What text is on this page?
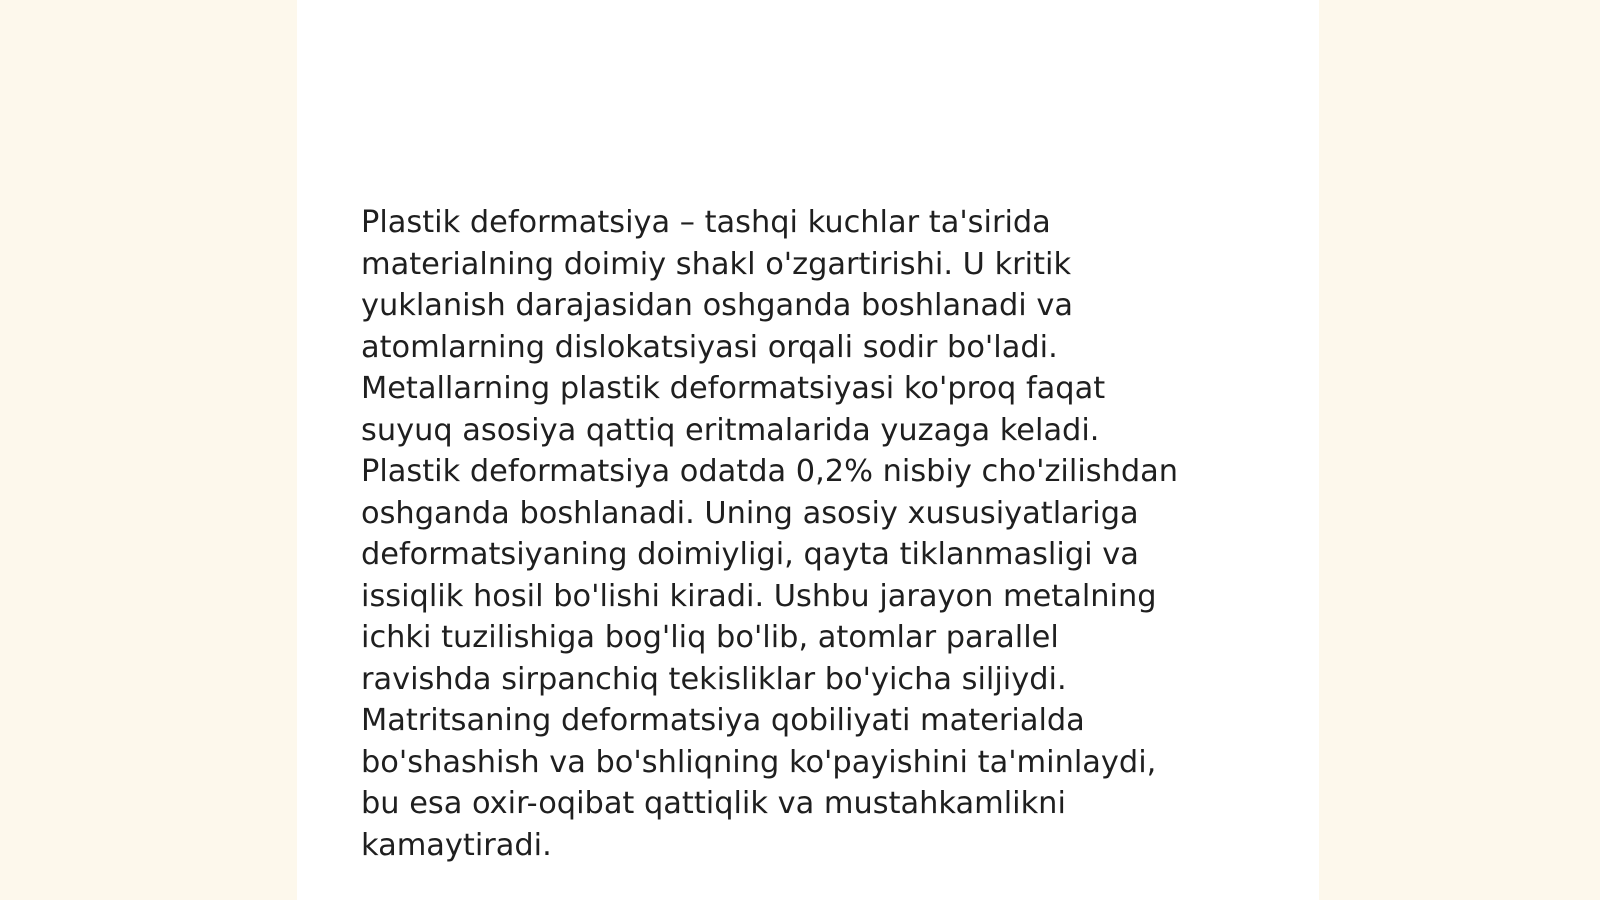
Plastik deformatsiya – tashqi kuchlar ta'sirida
materialning doimiy shakl o'zgartirishi. U kritik
yuklanish darajasidan oshganda boshlanadi va
atomlarning dislokatsiyasi orqali sodir bo'ladi.
Metallarning plastik deformatsiyasi ko'proq faqat
suyuq asosiya qattiq eritmalarida yuzaga keladi.
Plastik deformatsiya odatda 0,2% nisbiy cho'zilishdan
oshganda boshlanadi. Uning asosiy xususiyatlariga
deformatsiyaning doimiyligi, qayta tiklanmasligi va
issiqlik hosil bo'lishi kiradi. Ushbu jarayon metalning
ichki tuzilishiga bog'liq bo'lib, atomlar parallel
ravishda sirpanchiq tekisliklar bo'yicha siljiydi.
Matritsaning deformatsiya qobiliyati materialda
bo'shashish va bo'shliqning ko'payishini ta'minlaydi,
bu esa oxir-oqibat qattiqlik va mustahkamlikni
kamaytiradi.
